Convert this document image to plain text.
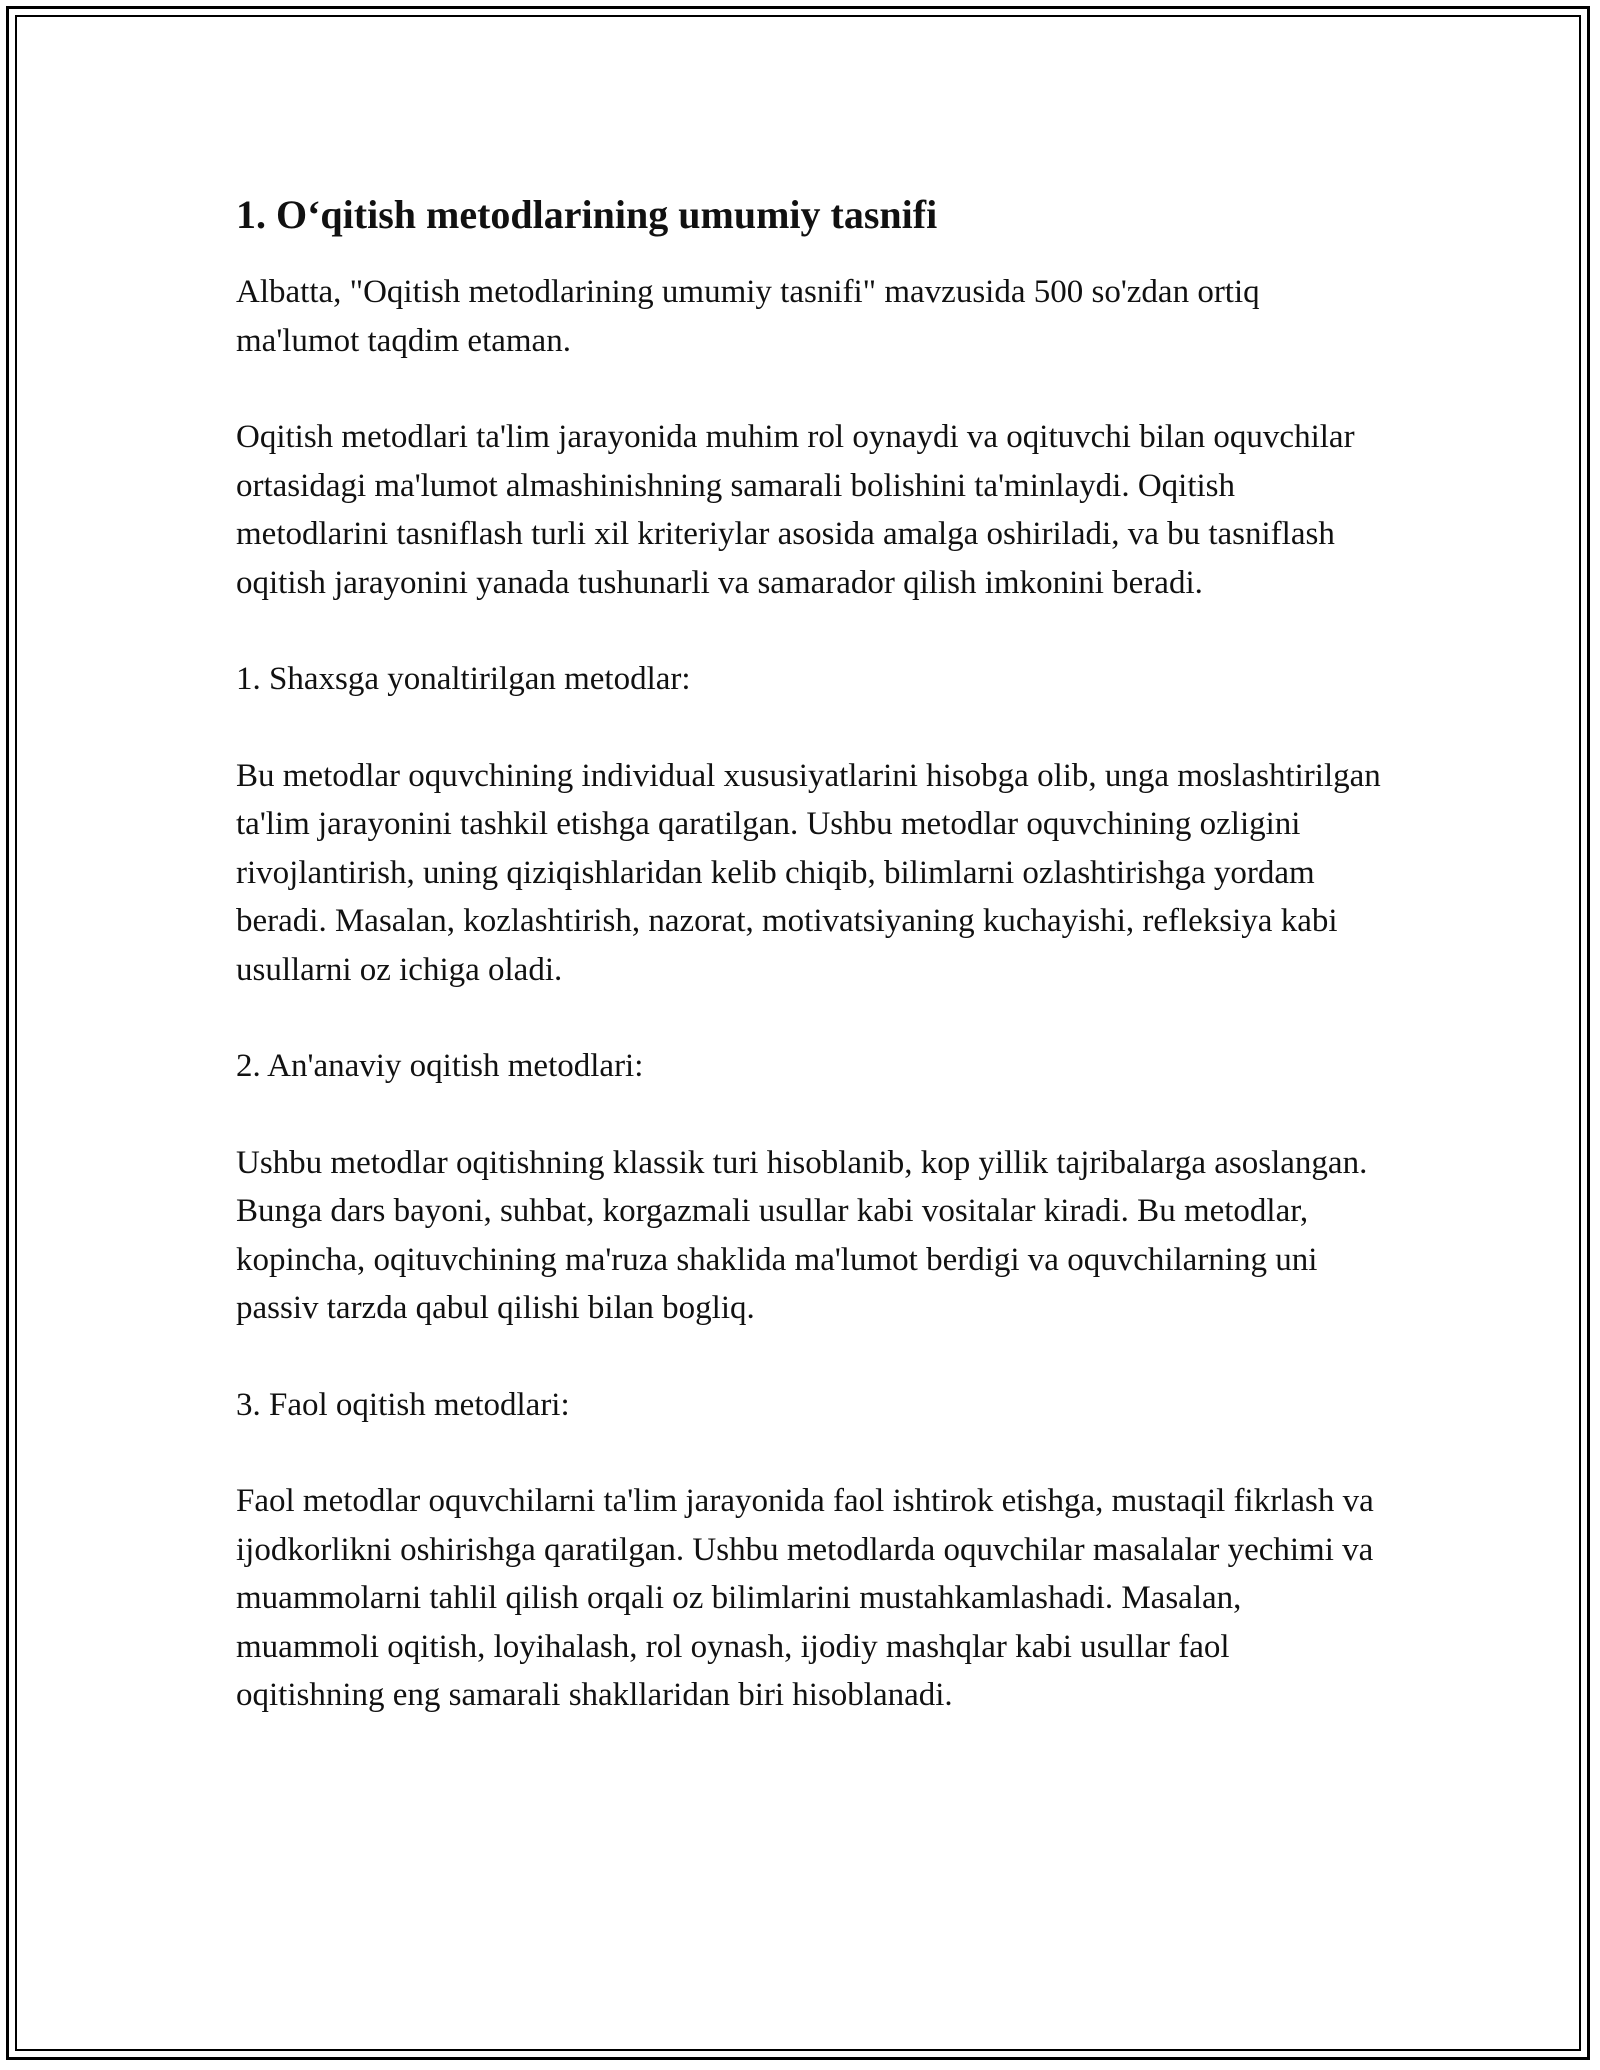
1. O‘qitish metodlarining umumiy tasnifi

Albatta, "Oqitish metodlarining umumiy tasnifi" mavzusida 500 so'zdan ortiq ma'lumot taqdim etaman.

Oqitish metodlari ta'lim jarayonida muhim rol oynaydi va oqituvchi bilan oquvchilar ortasidagi ma'lumot almashinishning samarali bolishini ta'minlaydi. Oqitish metodlarini tasniflash turli xil kriteriylar asosida amalga oshiriladi, va bu tasniflash oqitish jarayonini yanada tushunarli va samarador qilish imkonini beradi.

1. Shaxsga yonaltirilgan metodlar:

Bu metodlar oquvchining individual xususiyatlarini hisobga olib, unga moslashtirilgan ta'lim jarayonini tashkil etishga qaratilgan. Ushbu metodlar oquvchining ozligini rivojlantirish, uning qiziqishlaridan kelib chiqib, bilimlarni ozlashtirishga yordam beradi. Masalan, kozlashtirish, nazorat, motivatsiyaning kuchayishi, refleksiya kabi usullarni oz ichiga oladi.

2. An'anaviy oqitish metodlari:

Ushbu metodlar oqitishning klassik turi hisoblanib, kop yillik tajribalarga asoslangan. Bunga dars bayoni, suhbat, korgazmali usullar kabi vositalar kiradi. Bu metodlar, kopincha, oqituvchining ma'ruza shaklida ma'lumot berdigi va oquvchilarning uni passiv tarzda qabul qilishi bilan bogliq.

3. Faol oqitish metodlari:

Faol metodlar oquvchilarni ta'lim jarayonida faol ishtirok etishga, mustaqil fikrlash va ijodkorlikni oshirishga qaratilgan. Ushbu metodlarda oquvchilar masalalar yechimi va muammolarni tahlil qilish orqali oz bilimlarini mustahkamlashadi. Masalan, muammoli oqitish, loyihalash, rol oynash, ijodiy mashqlar kabi usullar faol oqitishning eng samarali shakllaridan biri hisoblanadi.
